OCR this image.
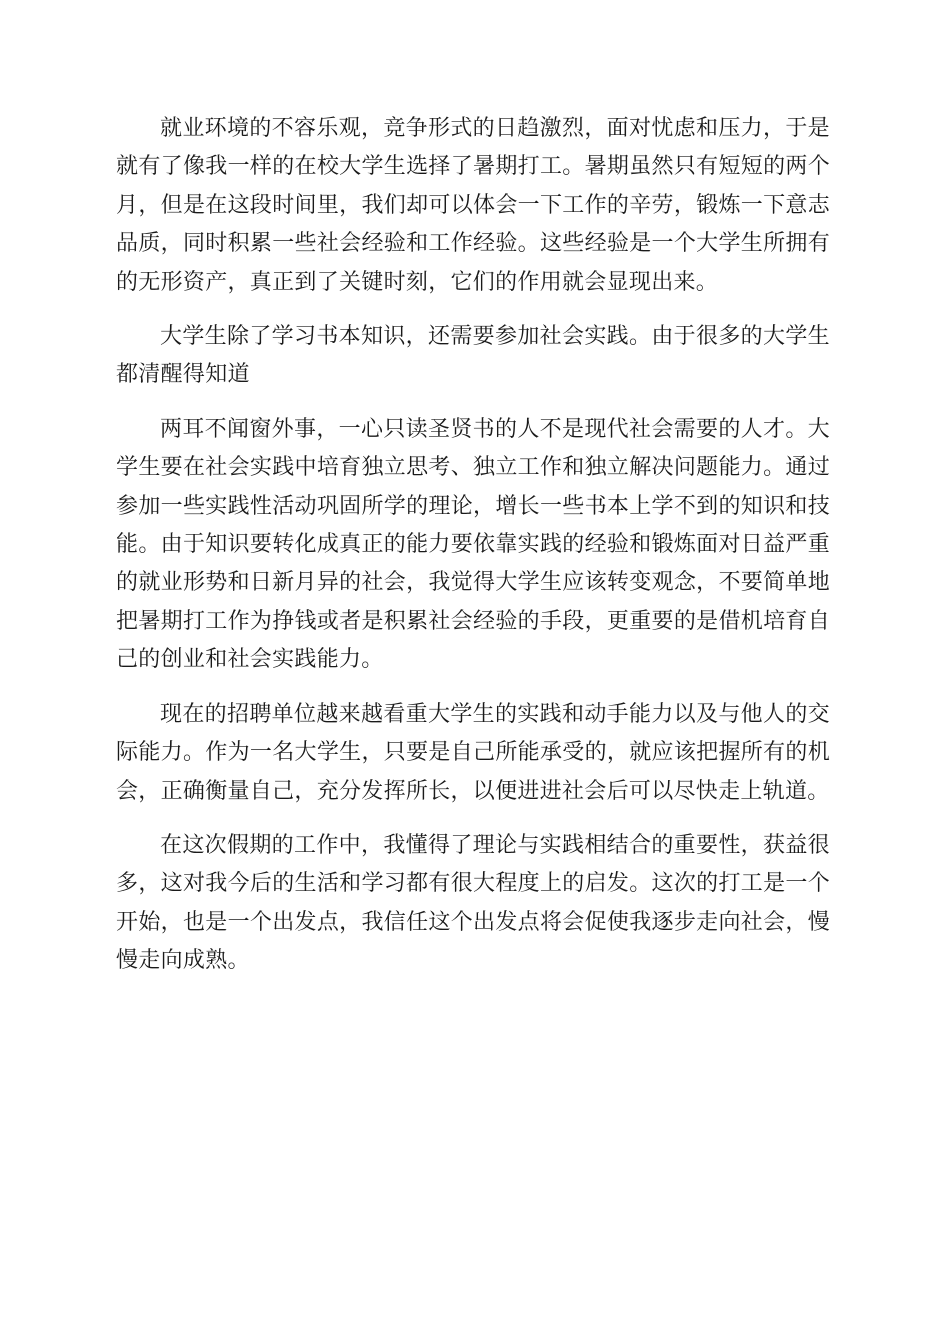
就业环境的不容乐观，竞争形式的日趋激烈，面对忧虑和压力，于是就有了像我一样的在校大学生选择了暑期打工。暑期虽然只有短短的两个月，但是在这段时间里，我们却可以体会一下工作的辛劳，锻炼一下意志品质，同时积累一些社会经验和工作经验。这些经验是一个大学生所拥有的无形资产，真正到了关键时刻，它们的作用就会显现出来。

大学生除了学习书本知识，还需要参加社会实践。由于很多的大学生都清醒得知道

两耳不闻窗外事，一心只读圣贤书的人不是现代社会需要的人才。大学生要在社会实践中培育独立思考、独立工作和独立解决问题能力。通过参加一些实践性活动巩固所学的理论，增长一些书本上学不到的知识和技能。由于知识要转化成真正的能力要依靠实践的经验和锻炼面对日益严重的就业形势和日新月异的社会，我觉得大学生应该转变观念，不要简单地把暑期打工作为挣钱或者是积累社会经验的手段，更重要的是借机培育自己的创业和社会实践能力。

现在的招聘单位越来越看重大学生的实践和动手能力以及与他人的交际能力。作为一名大学生，只要是自己所能承受的，就应该把握所有的机会，正确衡量自己，充分发挥所长，以便进进社会后可以尽快走上轨道。

在这次假期的工作中，我懂得了理论与实践相结合的重要性，获益很多，这对我今后的生活和学习都有很大程度上的启发。这次的打工是一个开始，也是一个出发点，我信任这个出发点将会促使我逐步走向社会，慢慢走向成熟。
